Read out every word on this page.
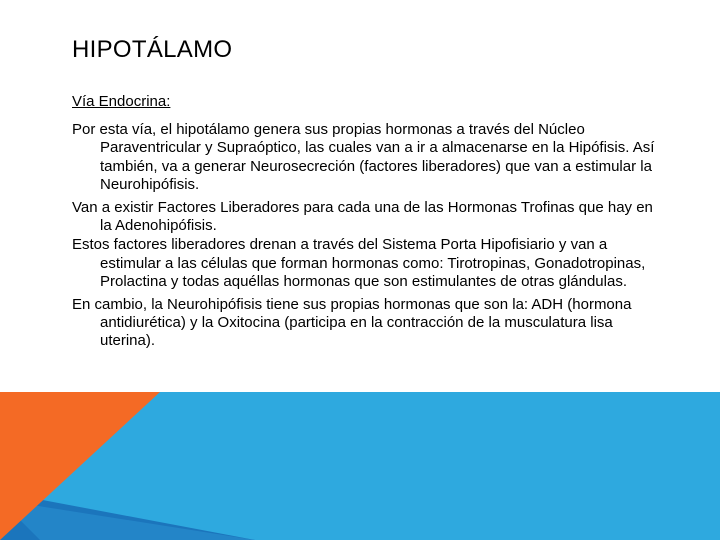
HIPOTÁLAMO

Vía Endocrina:

Por esta vía, el hipotálamo genera sus propias hormonas a través del Núcleo Paraventricular y Supraóptico, las cuales van a ir a almacenarse en la Hipófisis. Así también, va a generar Neurosecreción (factores liberadores) que van a estimular la Neurohipófisis.

Van a existir Factores Liberadores para cada una de las Hormonas Trofinas que hay en la Adenohipófisis.

Estos factores liberadores drenan a través del Sistema Porta Hipofisiario y van a estimular a las células que forman hormonas como: Tirotropinas, Gonadotropinas, Prolactina y todas aquéllas hormonas que son estimulantes de otras glándulas.

En cambio, la Neurohipófisis tiene sus propias hormonas que son la: ADH (hormona antidiurética) y la Oxitocina (participa en la contracción de la musculatura lisa uterina).
